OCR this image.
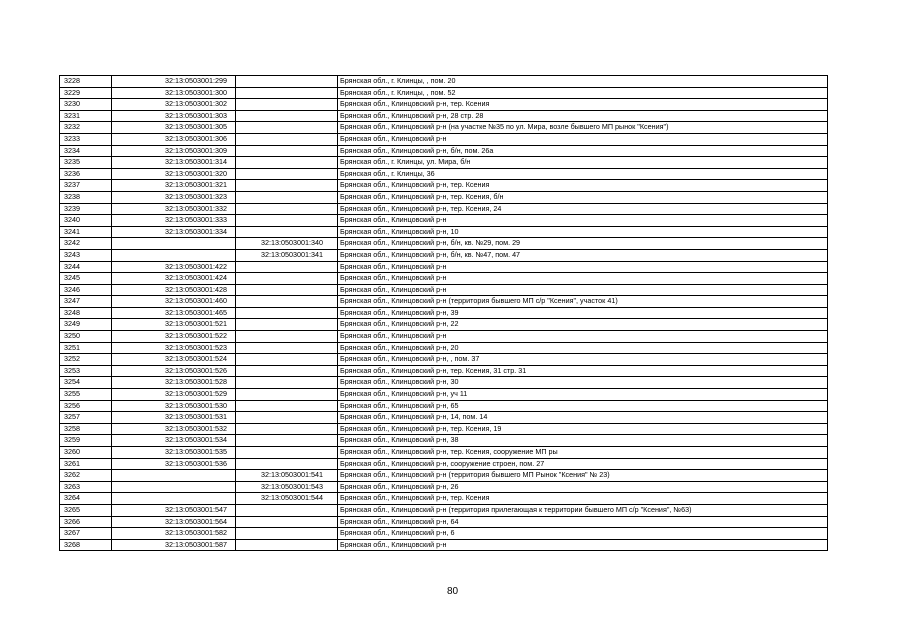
3228	32:13:0503001:299		Брянская обл., г. Клинцы, , пом. 20
3229	32:13:0503001:300		Брянская обл., г. Клинцы, , пом. 52
3230	32:13:0503001:302		Брянская обл., Клинцовский р-н, тер. Ксения
3231	32:13:0503001:303		Брянская обл., Клинцовский р-н, 28 стр. 28
3232	32:13:0503001:305		Брянская обл., Клинцовский р-н (на участке №35 по ул. Мира, возле бывшего МП рынок "Ксения")
3233	32:13:0503001:306		Брянская обл., Клинцовский р-н
3234	32:13:0503001:309		Брянская обл., Клинцовский р-н, б/н, пом. 26а
3235	32:13:0503001:314		Брянская обл., г. Клинцы, ул. Мира, б/н
3236	32:13:0503001:320		Брянская обл., г. Клинцы, 36
3237	32:13:0503001:321		Брянская обл., Клинцовский р-н, тер. Ксения
3238	32:13:0503001:323		Брянская обл., Клинцовский р-н, тер. Ксения, б/н
3239	32:13:0503001:332		Брянская обл., Клинцовский р-н, тер. Ксения, 24
3240	32:13:0503001:333		Брянская обл., Клинцовский р-н
3241	32:13:0503001:334		Брянская обл., Клинцовский р-н, 10
3242		32:13:0503001:340	Брянская обл., Клинцовский р-н, б/н, кв. №29, пом. 29
3243		32:13:0503001:341	Брянская обл., Клинцовский р-н, б/н, кв. №47, пом. 47
3244	32:13:0503001:422		Брянская обл., Клинцовский р-н
3245	32:13:0503001:424		Брянская обл., Клинцовский р-н
3246	32:13:0503001:428		Брянская обл., Клинцовский р-н
3247	32:13:0503001:460		Брянская обл., Клинцовский р-н (территория бывшего МП с/р "Ксения", участок 41)
3248	32:13:0503001:465		Брянская обл., Клинцовский р-н, 39
3249	32:13:0503001:521		Брянская обл., Клинцовский р-н, 22
3250	32:13:0503001:522		Брянская обл., Клинцовский р-н
3251	32:13:0503001:523		Брянская обл., Клинцовский р-н, 20
3252	32:13:0503001:524		Брянская обл., Клинцовский р-н, , пом. 37
3253	32:13:0503001:526		Брянская обл., Клинцовский р-н, тер. Ксения, 31 стр. 31
3254	32:13:0503001:528		Брянская обл., Клинцовский р-н, 30
3255	32:13:0503001:529		Брянская обл., Клинцовский р-н, уч 11
3256	32:13:0503001:530		Брянская обл., Клинцовский р-н, 65
3257	32:13:0503001:531		Брянская обл., Клинцовский р-н, 14, пом. 14
3258	32:13:0503001:532		Брянская обл., Клинцовский р-н, тер. Ксения, 19
3259	32:13:0503001:534		Брянская обл., Клинцовский р-н, 38
3260	32:13:0503001:535		Брянская обл., Клинцовский р-н, тер. Ксения, сооружение МП ры
3261	32:13:0503001:536		Брянская обл., Клинцовский р-н, сооружение строен, пом. 27
3262		32:13:0503001:541	Брянская обл., Клинцовский р-н (территория бывшего МП Рынок "Ксения" № 23)
3263		32:13:0503001:543	Брянская обл., Клинцовский р-н, 26
3264		32:13:0503001:544	Брянская обл., Клинцовский р-н, тер. Ксения
3265	32:13:0503001:547		Брянская обл., Клинцовский р-н (территория прилегающая к территории бывшего МП с/р "Ксения", №63)
3266	32:13:0503001:564		Брянская обл., Клинцовский р-н, 64
3267	32:13:0503001:582		Брянская обл., Клинцовский р-н, 6
3268	32:13:0503001:587		Брянская обл., Клинцовский р-н
80
